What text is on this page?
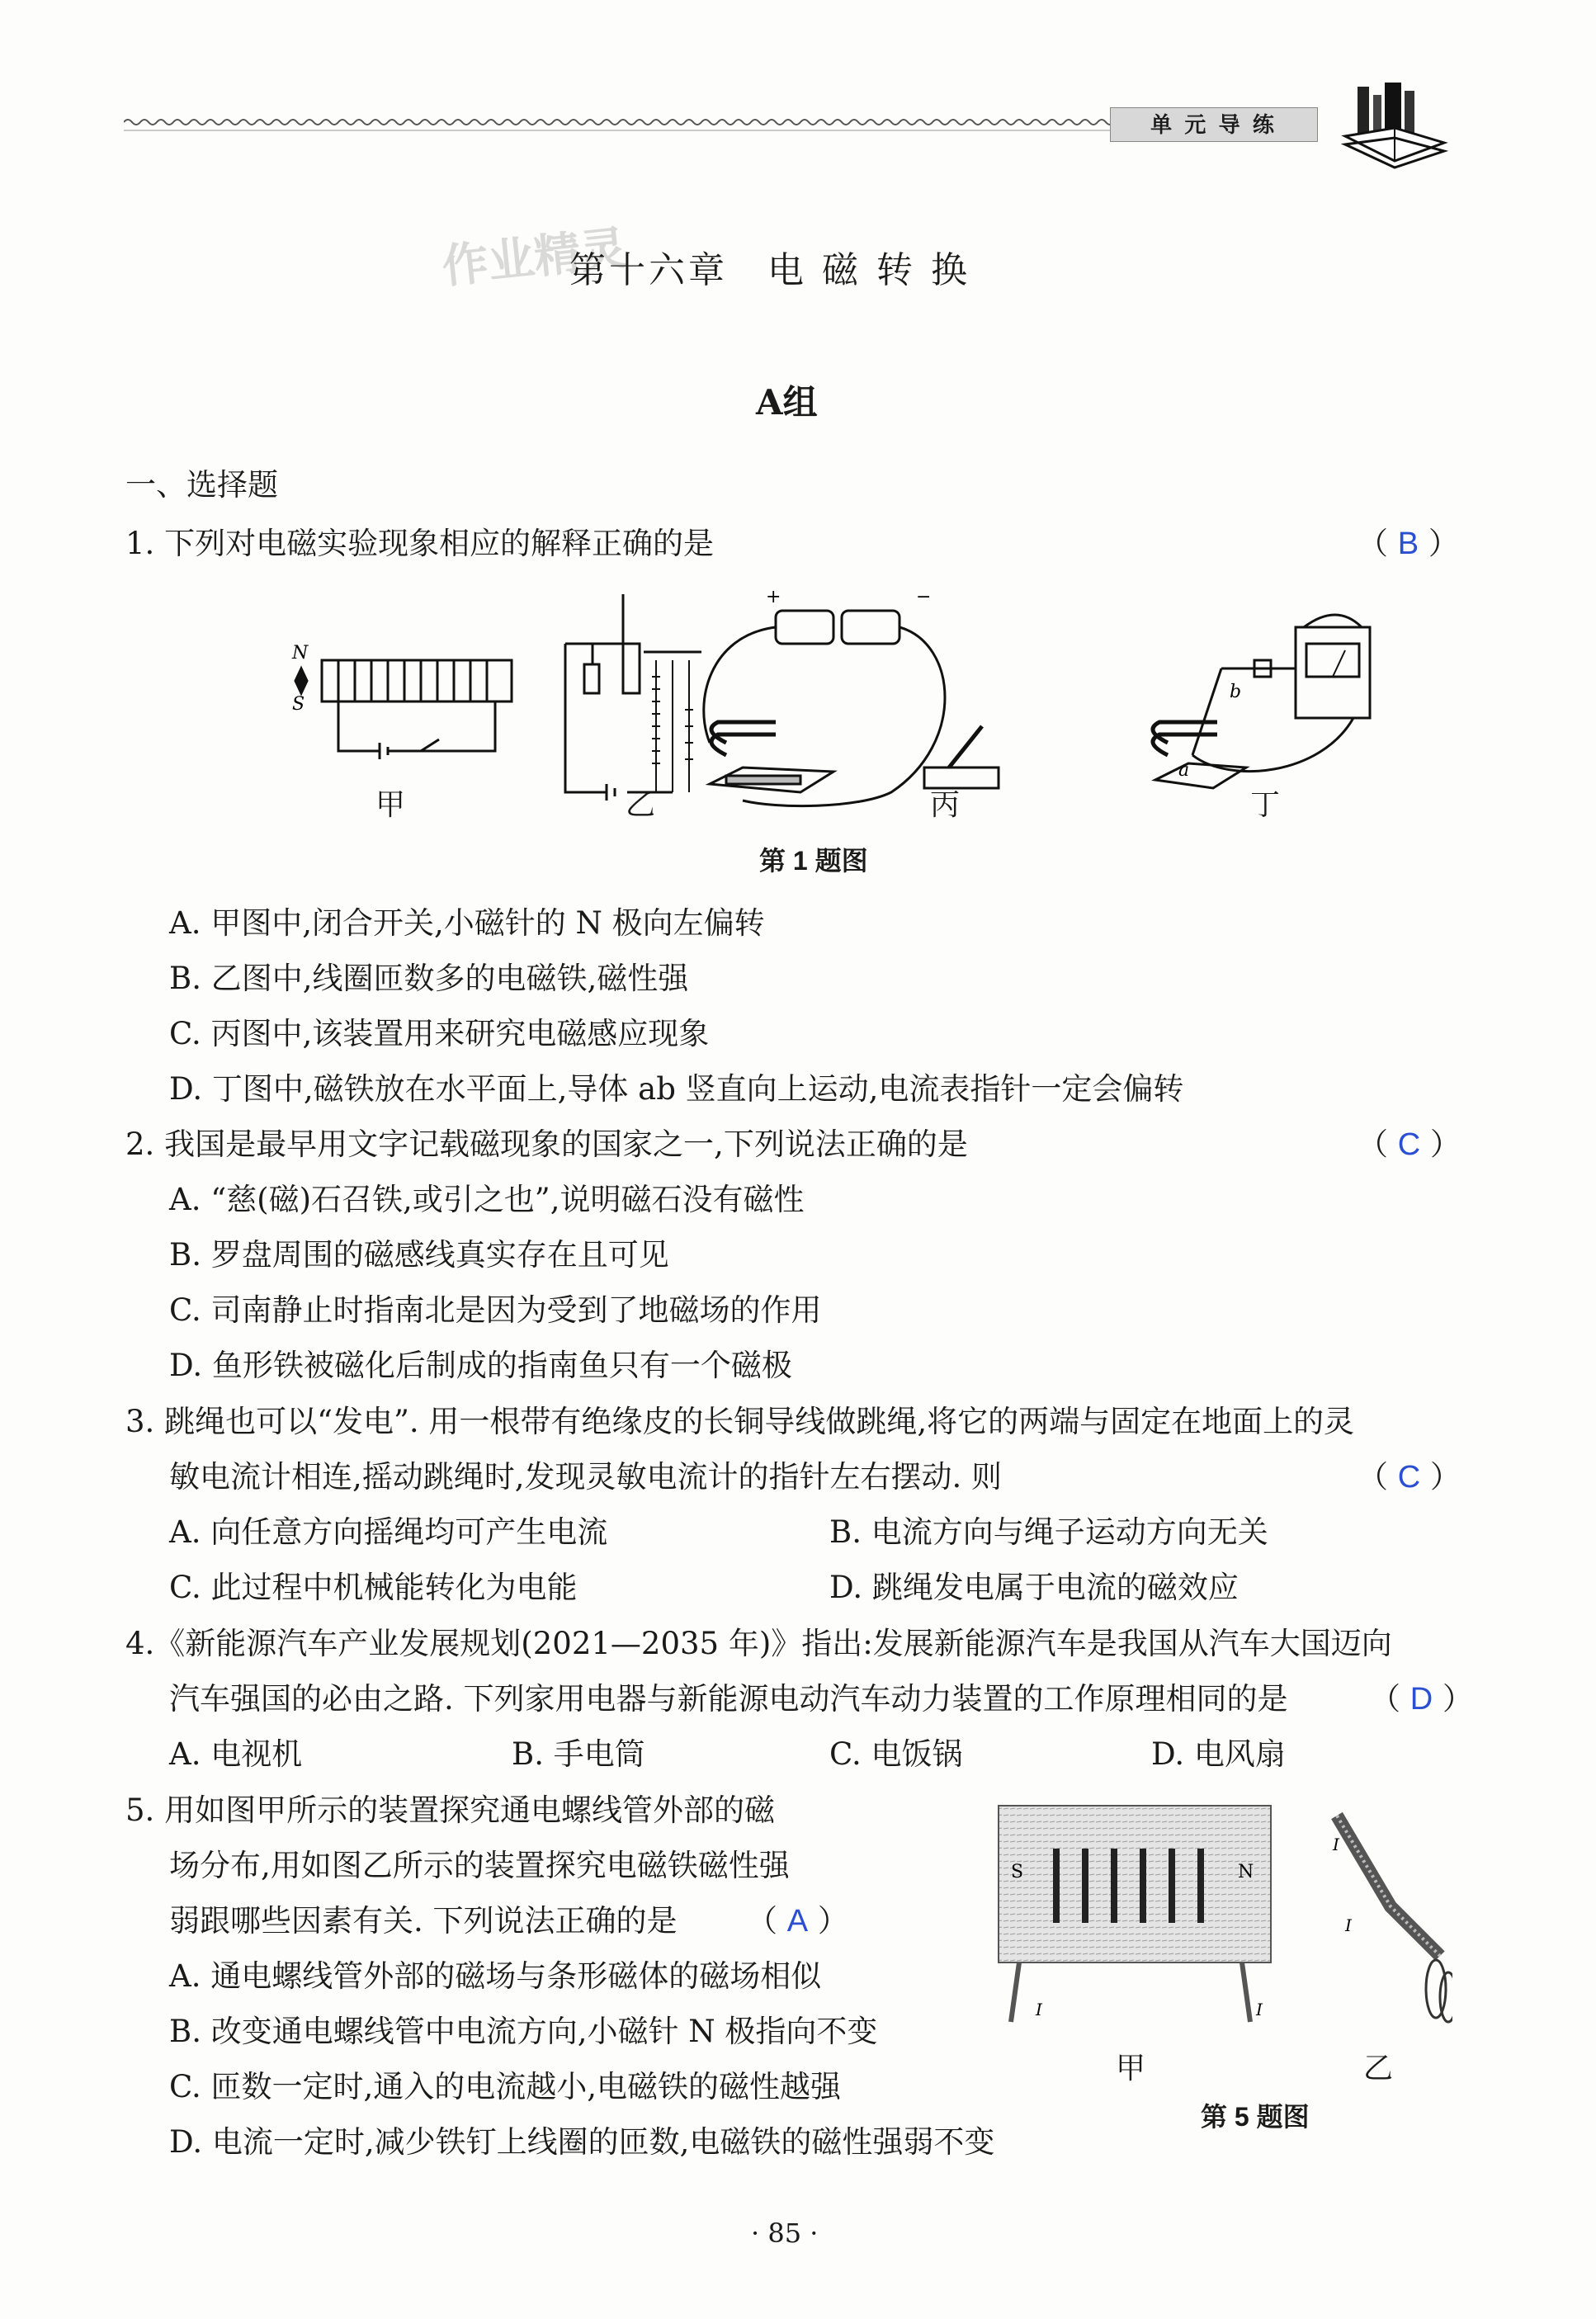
单 元 导 练
作业精灵
第十六章　电 磁 转 换
A组
一、选择题
1. 下列对电磁实验现象相应的解释正确的是	（ B ）
N
S
+	−
a
b
甲	乙	丙	丁
第 1 题图
A. 甲图中,闭合开关,小磁针的 N 极向左偏转
B. 乙图中,线圈匝数多的电磁铁,磁性强
C. 丙图中,该装置用来研究电磁感应现象
D. 丁图中,磁铁放在水平面上,导体 ab 竖直向上运动,电流表指针一定会偏转
2. 我国是最早用文字记载磁现象的国家之一,下列说法正确的是	（ C ）
A. “慈(磁)石召铁,或引之也”,说明磁石没有磁性
B. 罗盘周围的磁感线真实存在且可见
C. 司南静止时指南北是因为受到了地磁场的作用
D. 鱼形铁被磁化后制成的指南鱼只有一个磁极
3. 跳绳也可以“发电”. 用一根带有绝缘皮的长铜导线做跳绳,将它的两端与固定在地面上的灵
敏电流计相连,摇动跳绳时,发现灵敏电流计的指针左右摆动. 则	（ C ）
A. 向任意方向摇绳均可产生电流	B. 电流方向与绳子运动方向无关
C. 此过程中机械能转化为电能	D. 跳绳发电属于电流的磁效应
4.《新能源汽车产业发展规划(2021—2035 年)》指出:发展新能源汽车是我国从汽车大国迈向
汽车强国的必由之路. 下列家用电器与新能源电动汽车动力装置的工作原理相同的是	（ D ）
A. 电视机	B. 手电筒	C. 电饭锅	D. 电风扇
5. 用如图甲所示的装置探究通电螺线管外部的磁
场分布,用如图乙所示的装置探究电磁铁磁性强
弱跟哪些因素有关. 下列说法正确的是 （ A ）
A. 通电螺线管外部的磁场与条形磁体的磁场相似
B. 改变通电螺线管中电流方向,小磁针 N 极指向不变
C. 匝数一定时,通入的电流越小,电磁铁的磁性越强
D. 电流一定时,减少铁钉上线圈的匝数,电磁铁的磁性强弱不变
S	N
I	I
I
I
甲	乙
第 5 题图
· 85 ·
